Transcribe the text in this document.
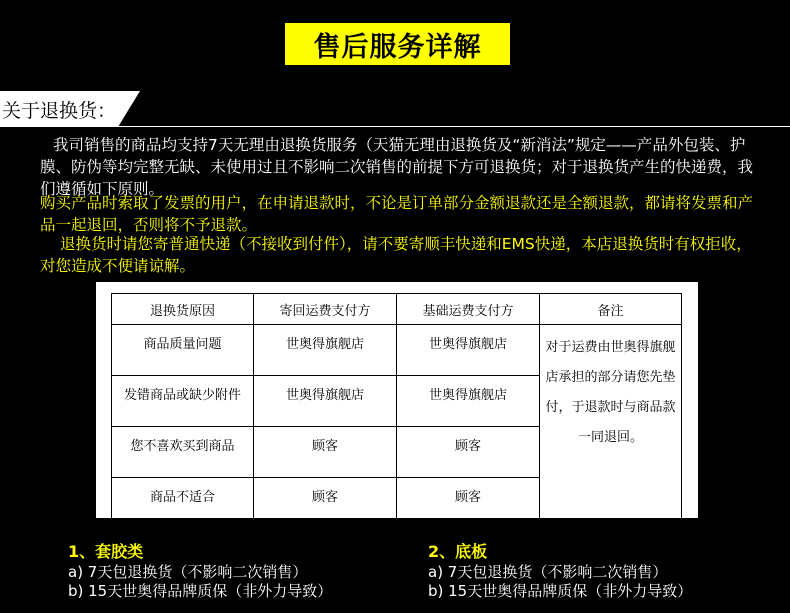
售后服务详解
关于退换货：
我司销售的商品均支持7天无理由退换货服务（天猫无理由退换货及“新消法”规定——产品外包装、护膜、防伪等均完整无缺、未使用过且不影响二次销售的前提下方可退换货；对于退换货产生的快递费，我们遵循如下原则。
购买产品时索取了发票的用户，在申请退款时，不论是订单部分金额退款还是全额退款，都请将发票和产品一起退回，否则将不予退款。
退换货时请您寄普通快递（不接收到付件），请不要寄顺丰快递和EMS快递，本店退换货时有权拒收，对您造成不便请谅解。
退换货原因	寄回运费支付方	基础运费支付方	备注
商品质量问题	世奥得旗舰店	世奥得旗舰店	对于运费由世奥得旗舰店承担的部分请您先垫付，于退款时与商品款一同退回。
发错商品或缺少附件	世奥得旗舰店	世奥得旗舰店	
您不喜欢买到商品	顾客	顾客	
商品不适合	顾客	顾客	
1、套胶类
a) 7天包退换货（不影响二次销售）
b) 15天世奥得品牌质保（非外力导致）
2、底板
a) 7天包退换货（不影响二次销售）
b) 15天世奥得品牌质保（非外力导致）
